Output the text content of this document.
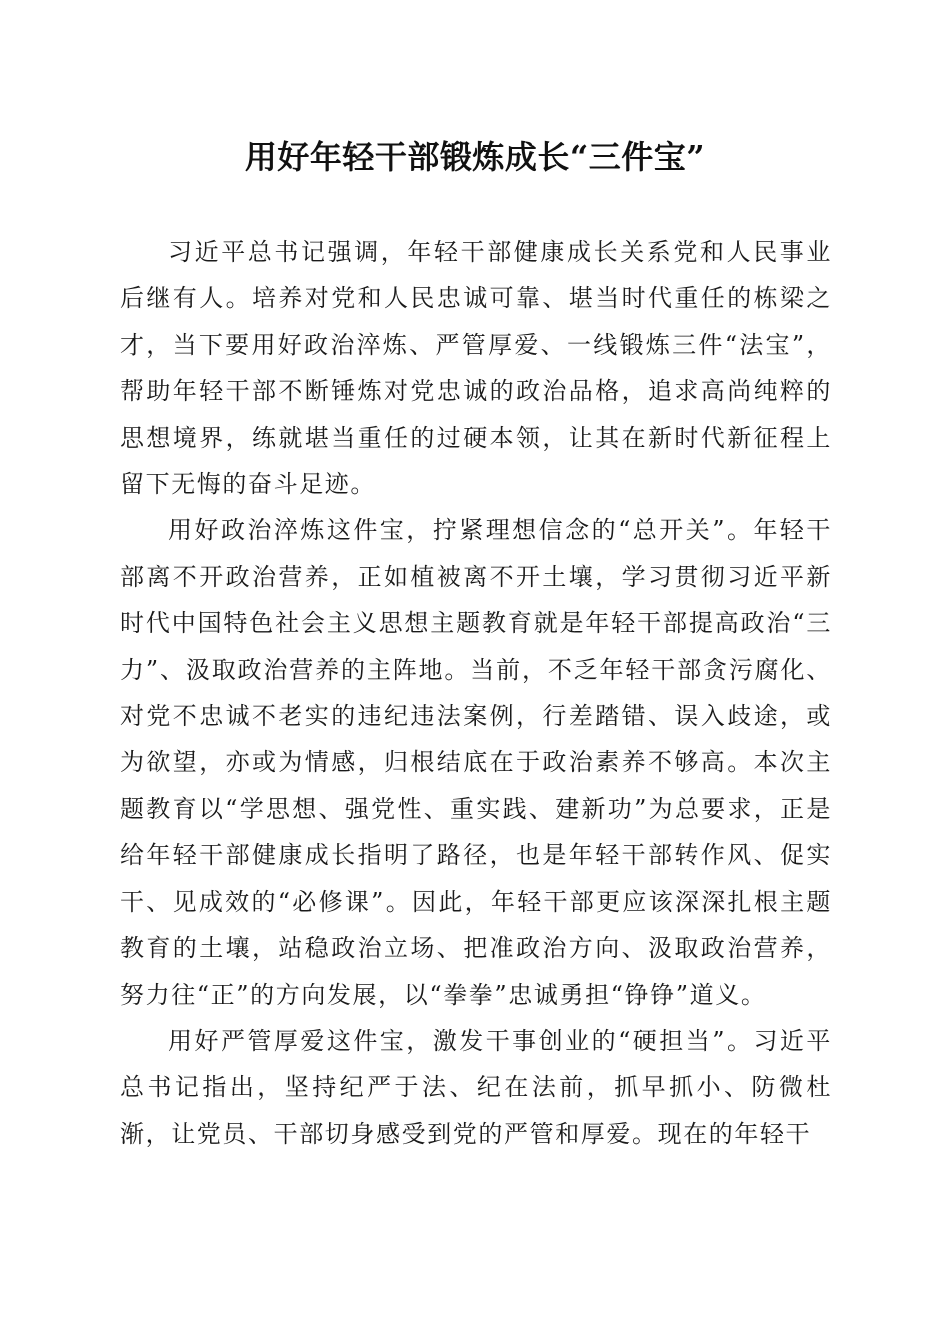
用好年轻干部锻炼成长“三件宝”

习近平总书记强调，年轻干部健康成长关系党和人民事业后继有人。培养对党和人民忠诚可靠、堪当时代重任的栋梁之才，当下要用好政治淬炼、严管厚爱、一线锻炼三件“法宝”，帮助年轻干部不断锤炼对党忠诚的政治品格，追求高尚纯粹的思想境界，练就堪当重任的过硬本领，让其在新时代新征程上留下无悔的奋斗足迹。

用好政治淬炼这件宝，拧紧理想信念的“总开关”。年轻干部离不开政治营养，正如植被离不开土壤，学习贯彻习近平新时代中国特色社会主义思想主题教育就是年轻干部提高政治“三力”、汲取政治营养的主阵地。当前，不乏年轻干部贪污腐化、对党不忠诚不老实的违纪违法案例，行差踏错、误入歧途，或为欲望，亦或为情感，归根结底在于政治素养不够高。本次主题教育以“学思想、强党性、重实践、建新功”为总要求，正是给年轻干部健康成长指明了路径，也是年轻干部转作风、促实干、见成效的“必修课”。因此，年轻干部更应该深深扎根主题教育的土壤，站稳政治立场、把准政治方向、汲取政治营养，努力往“正”的方向发展，以“拳拳”忠诚勇担“铮铮”道义。

用好严管厚爱这件宝，激发干事创业的“硬担当”。习近平总书记指出，坚持纪严于法、纪在法前，抓早抓小、防微杜渐，让党员、干部切身感受到党的严管和厚爱。现在的年轻干
